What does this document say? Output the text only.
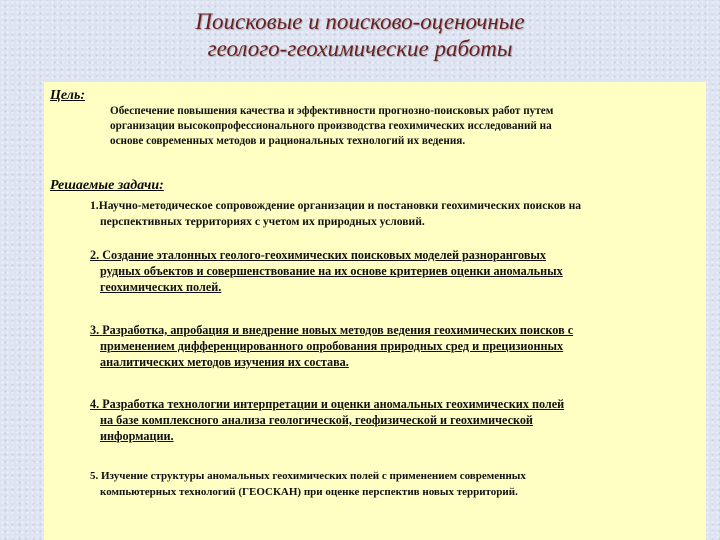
Поисковые и поисково-оценочные
геолого-геохимические работы
Цель:
Обеспечение повышения качества и эффективности прогнозно-поисковых работ путем
организации высокопрофессионального производства геохимических исследований на
основе современных методов и рациональных технологий их ведения.
Решаемые задачи:
1.Научно-методическое сопровождение организации и постановки геохимических поисков на
перспективных территориях с учетом их природных условий.
2. Создание эталонных геолого-геохимических поисковых моделей разноранговых
рудных объектов и совершенствование на их основе критериев оценки аномальных
геохимических полей.
3. Разработка, апробация и внедрение новых методов ведения геохимических поисков с
применением дифференцированного опробования природных сред и прецизионных
аналитических методов изучения их состава.
4. Разработка технологии интерпретации и оценки аномальных геохимических полей
на базе комплексного анализа геологической, геофизической и геохимической
информации.
5. Изучение структуры аномальных геохимических полей с применением современных
компьютерных технологий (ГЕОСКАН) при оценке перспектив новых территорий.
